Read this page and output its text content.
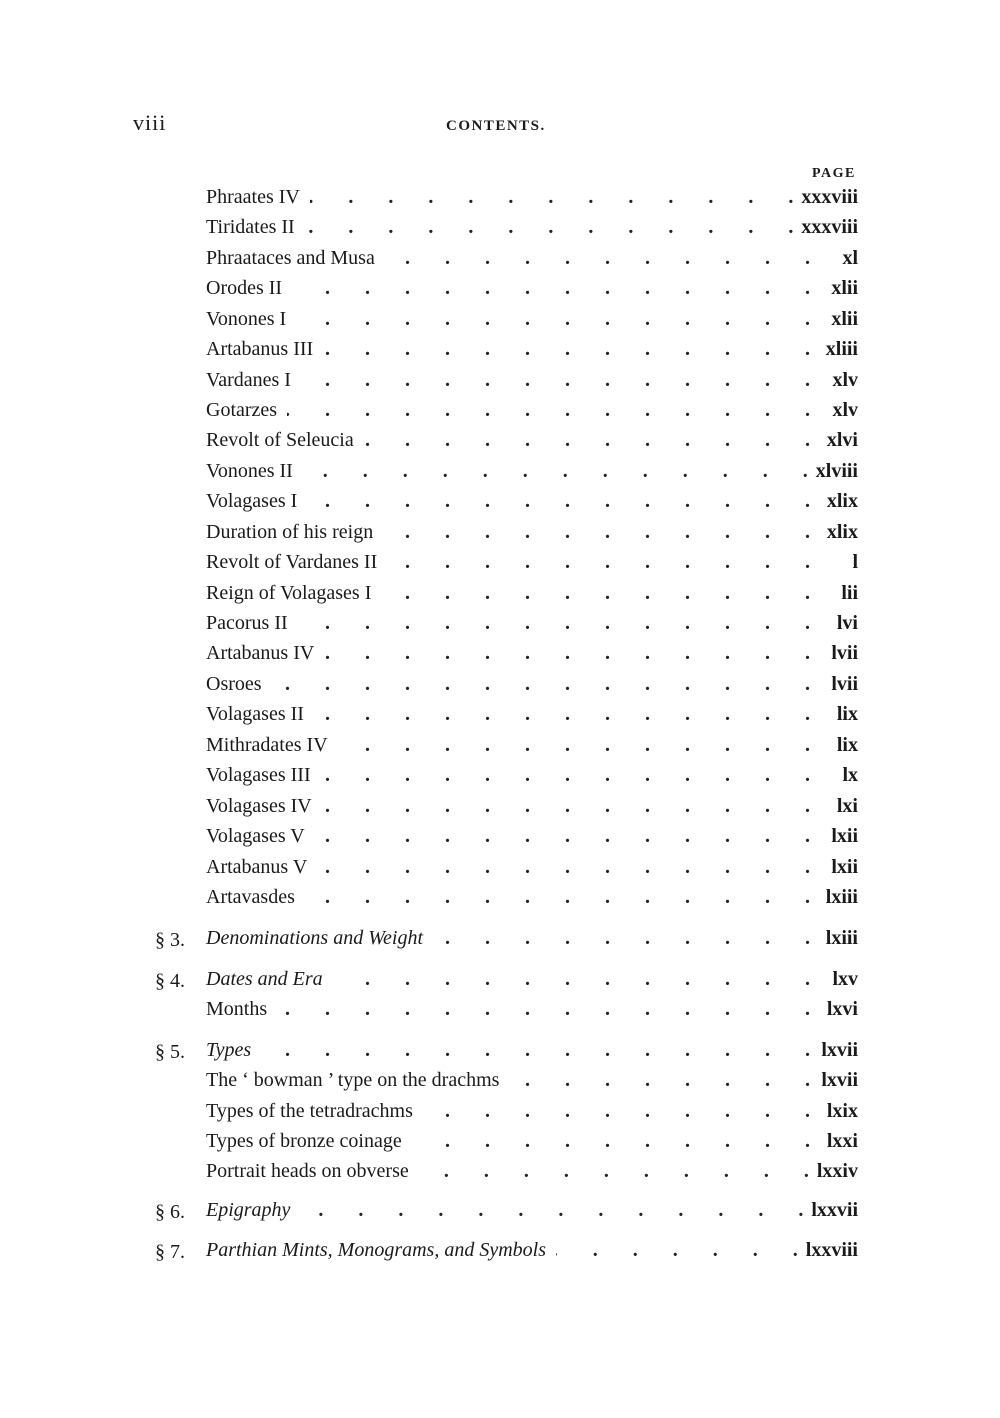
viii	CONTENTS.
PAGE
Phraates IV .	xxxviii
Tiridates II .	xxxviii
Phraataces and Musa .	xl
Orodes II .	xlii
Vonones I .	xlii
Artabanus III .	xliii
Vardanes I .	xlv
Gotarzes .	xlv
Revolt of Seleucia .	xlvi
Vonones II .	xlviii
Volagases I .	xlix
Duration of his reign .	xlix
Revolt of Vardanes II .	l
Reign of Volagases I .	lii
Pacorus II .	lvi
Artabanus IV .	lvii
Osroes .	lvii
Volagases II .	lix
Mithradates IV .	lix
Volagases III .	lx
Volagases IV .	lxi
Volagases V .	lxii
Artabanus V .	lxii
Artavasdes .	lxiii
§ 3. Denominations and Weight .	lxiii
§ 4. Dates and Era .	lxv
Months .	lxvi
§ 5. Types .	lxvii
The ‘ bowman ’ type on the drachms .	lxvii
Types of the tetradrachms .	lxix
Types of bronze coinage .	lxxi
Portrait heads on obverse .	lxxiv
§ 6. Epigraphy .	lxxvii
§ 7. Parthian Mints, Monograms, and Symbols .	lxxviii
